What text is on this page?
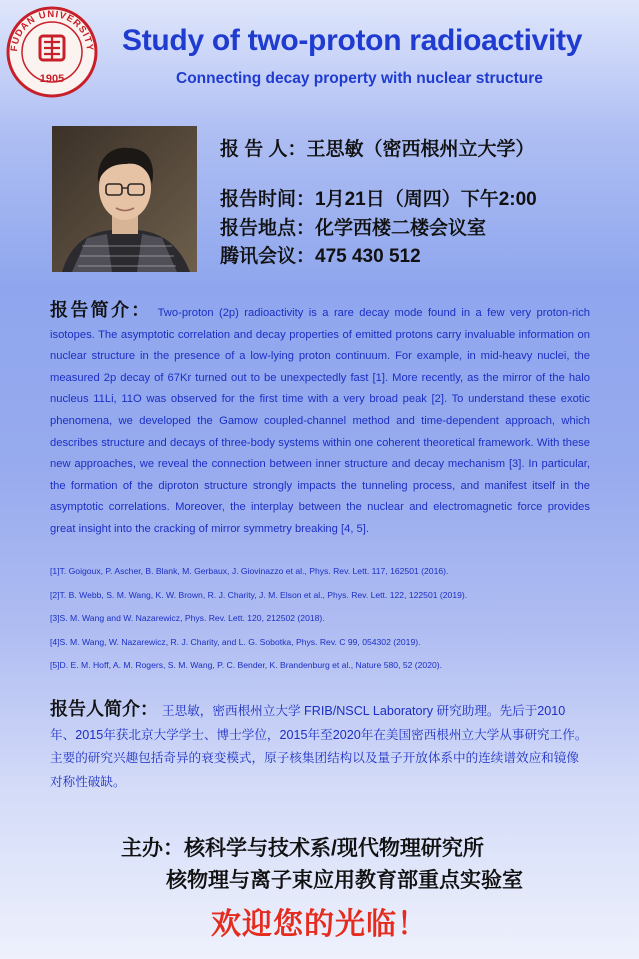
FUDAN UNIVERSITY
1905
Study of two-proton radioactivity
Connecting decay property with nuclear structure
报 告 人：王思敏（密西根州立大学）
报告时间：1月21日（周四）下午2:00
报告地点：化学西楼二楼会议室
腾讯会议：475 430 512

报告简介： Two-proton (2p) radioactivity is a rare decay mode found in a few very proton-rich isotopes. The asymptotic correlation and decay properties of emitted protons carry invaluable information on nuclear structure in the presence of a low-lying proton continuum. For example, in mid-heavy nuclei, the measured 2p decay of 67Kr turned out to be unexpectedly fast [1]. More recently, as the mirror of the halo nucleus 11Li, 11O was observed for the first time with a very broad peak [2]. To understand these exotic phenomena, we developed the Gamow coupled-channel method and time-dependent approach, which describes structure and decays of three-body systems within one coherent theoretical framework. With these new approaches, we reveal the connection between inner structure and decay mechanism [3]. In particular, the formation of the diproton structure strongly impacts the tunneling process, and manifest itself in the asymptotic correlations. Moreover, the interplay between the nuclear and electromagnetic force provides great insight into the cracking of mirror symmetry breaking [4, 5].

[1]T. Goigoux, P. Ascher, B. Blank, M. Gerbaux, J. Giovinazzo et al., Phys. Rev. Lett. 117, 162501 (2016).
[2]T. B. Webb, S. M. Wang, K. W. Brown, R. J. Charity, J. M. Elson et al., Phys. Rev. Lett. 122, 122501 (2019).
[3]S. M. Wang and W. Nazarewicz, Phys. Rev. Lett. 120, 212502 (2018).
[4]S. M. Wang, W. Nazarewicz, R. J. Charity, and L. G. Sobotka, Phys. Rev. C 99, 054302 (2019).
[5]D. E. M. Hoff, A. M. Rogers, S. M. Wang, P. C. Bender, K. Brandenburg et al., Nature 580, 52 (2020).

报告人简介： 王思敏，密西根州立大学 FRIB/NSCL Laboratory 研究助理。先后于2010年、2015年获北京大学学士、博士学位，2015年至2020年在美国密西根州立大学从事研究工作。主要的研究兴趣包括奇异的衰变模式，原子核集团结构以及量子开放体系中的连续谱效应和镜像对称性破缺。

主办：核科学与技术系/现代物理研究所

核物理与离子束应用教育部重点实验室

欢迎您的光临！
